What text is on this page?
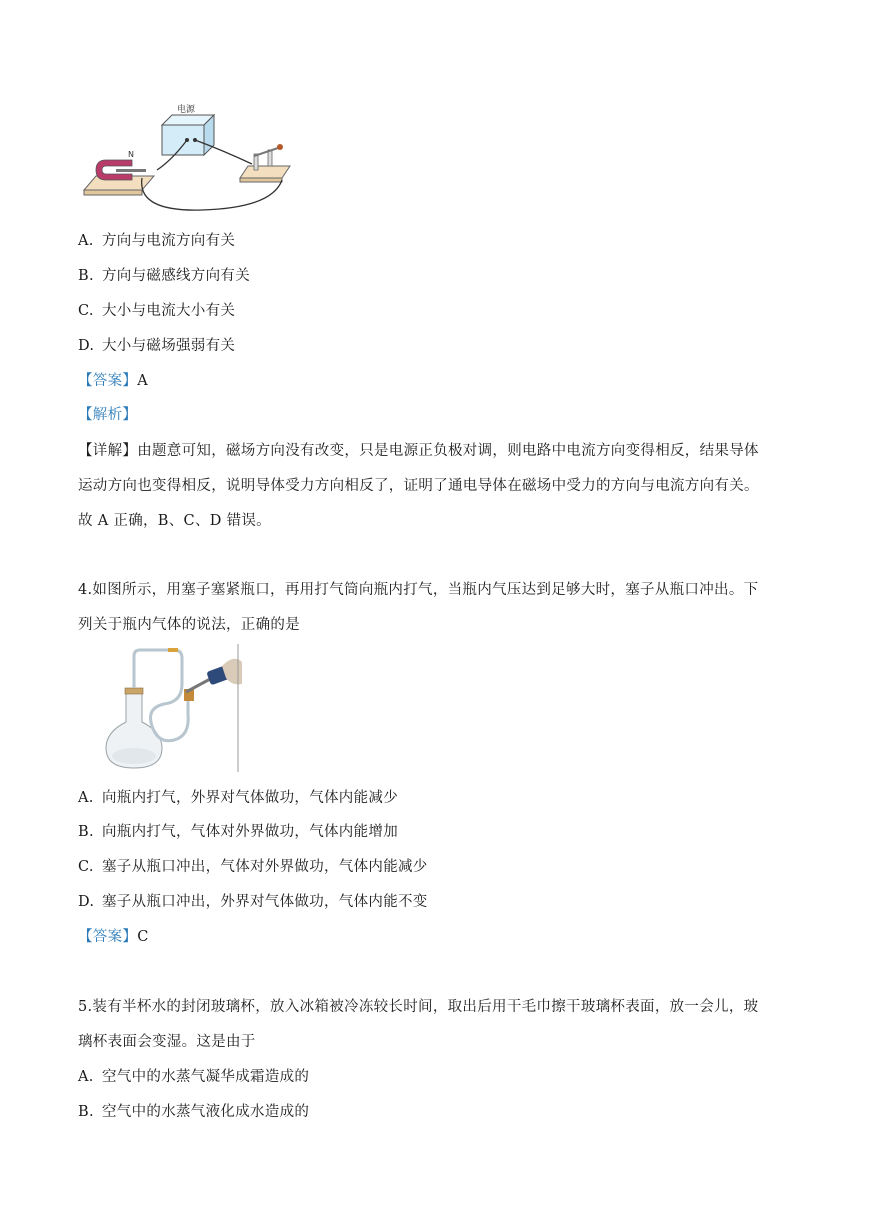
电源
N
A. 方向与电流方向有关
B. 方向与磁感线方向有关
C. 大小与电流大小有关
D. 大小与磁场强弱有关
【答案】A
【解析】
【详解】由题意可知，磁场方向没有改变，只是电源正负极对调，则电路中电流方向变得相反，结果导体
运动方向也变得相反，说明导体受力方向相反了，证明了通电导体在磁场中受力的方向与电流方向有关。
故 A 正确，B、C、D 错误。
4.如图所示，用塞子塞紧瓶口，再用打气筒向瓶内打气，当瓶内气压达到足够大时，塞子从瓶口冲出。下
列关于瓶内气体的说法，正确的是
A. 向瓶内打气，外界对气体做功，气体内能减少
B. 向瓶内打气，气体对外界做功，气体内能增加
C. 塞子从瓶口冲出，气体对外界做功，气体内能减少
D. 塞子从瓶口冲出，外界对气体做功，气体内能不变
【答案】C
5.装有半杯水的封闭玻璃杯，放入冰箱被冷冻较长时间，取出后用干毛巾擦干玻璃杯表面，放一会儿，玻
璃杯表面会变湿。这是由于
A. 空气中的水蒸气凝华成霜造成的
B. 空气中的水蒸气液化成水造成的
